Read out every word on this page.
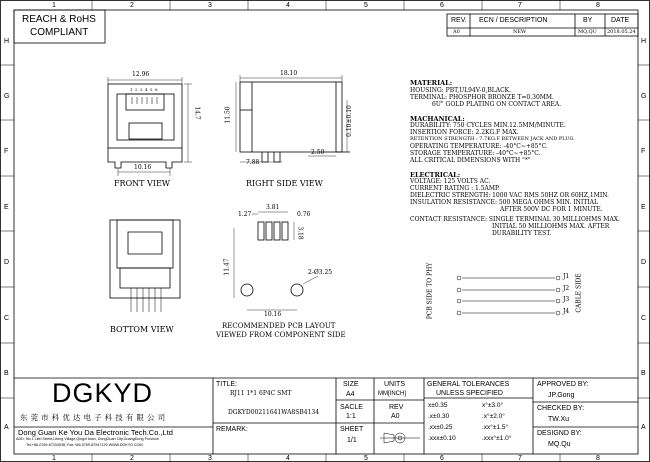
1	2	3	4	5	6	7	8
1	2	3	4	5	6	7	8
H
G
F
E
D
C
B
A
H
G
F
E
D
C
B
A
REACH & RoHS
COMPLIANT
REV. ECN / DESCRIPTION	BY	DATE
A0	NEW	MQ.QU 2018.05.24
12.96
14.7
10.16
18.10
11.50	0.10±0.10
7.88
2.50
1.27
3.81
0.76
3.18
11.47	2-Ø3.25
10.16
1 2 3 4 5 6
FRONT VIEW	RIGHT SIDE VIEW
BOTTOM VIEW	RECOMMENDED PCB LAYOUT
VIEWED FROM COMPONENT SIDE
MATERIAL:
HOUSING: PBT,UL94V-0,BLACK.
TERMINAL: PHOSPHOR BRONZE T=0.30MM.
6U" GOLD PLATING ON CONTACT AREA.
MACHANICAL:
DURABILITY: 750 CYCLES MIN.12.5MM/MINUTE.
INSERTION FORCE: 2.2KG.F MAX.
RETENTION STRENGTH : 7.7KG.F BETWEEN JACK AND PLUG.
OPERATING TEMPERATURE: -40°C~+85°C.
STORAGE TEMPERATURE: -40°C~+85°C.
ALL CRITICAL DIMENSIONS WITH "*"
ELECTRICAL:
VOLTAGE: 125 VOLTS AC.
CURRENT RATING : 1.5AMP.
DIELECTRIC STRENGTH: 1000 VAC RMS 50HZ OR 60HZ,1MIN.
INSULATION RESISTANCE: 500 MEGA OHMS MIN. INITIAL
AFTER 500V DC FOR 1 MINUTE.
CONTACT RESISTANCE: SINGLE TERMINAL 30 MILLIOHMS MAX.
INITIAL 50 MILLIOHMS MAX. AFTER
DURABILITY TEST.
PCB SIDE TO PHY	CABLE SIDE
J1
J2
J3
J4
DGKYD
东 莞 市 科 优 达 电 子 科 技 有 限 公 司
Dong Guan Ke You Da Electronic Tech.Co.,Ltd
ADD: No.1 Lifei Street,Lifeng Village,Qingxi town, DongGuan City,GuangDong Province
Tel:+86-0769-87334938; Fax:+86-0769-87947129 WWW.DGKYD.COM
TITLE:
RJ11 1*1 6P4C SMT
DGKYD00211641WA8SB4134
REMARK:
SIZE
A4
UNITS
MM[INCH]
SACLE
1:1
REV
A0
SHEET
1/1
GENERAL TOLERANCES
UNLESS SPECIFIED
x±0.35	x°±3.0°
.x±0.30	.x°±2.0°
.xx±0.25	.xx°±1.5°
.xxx±0.10	.xxx°±1.0°
APPROVED BY:
JP.Gong
CHECKED BY:
TW.Xu
DESIGND BY:
MQ.Qu
